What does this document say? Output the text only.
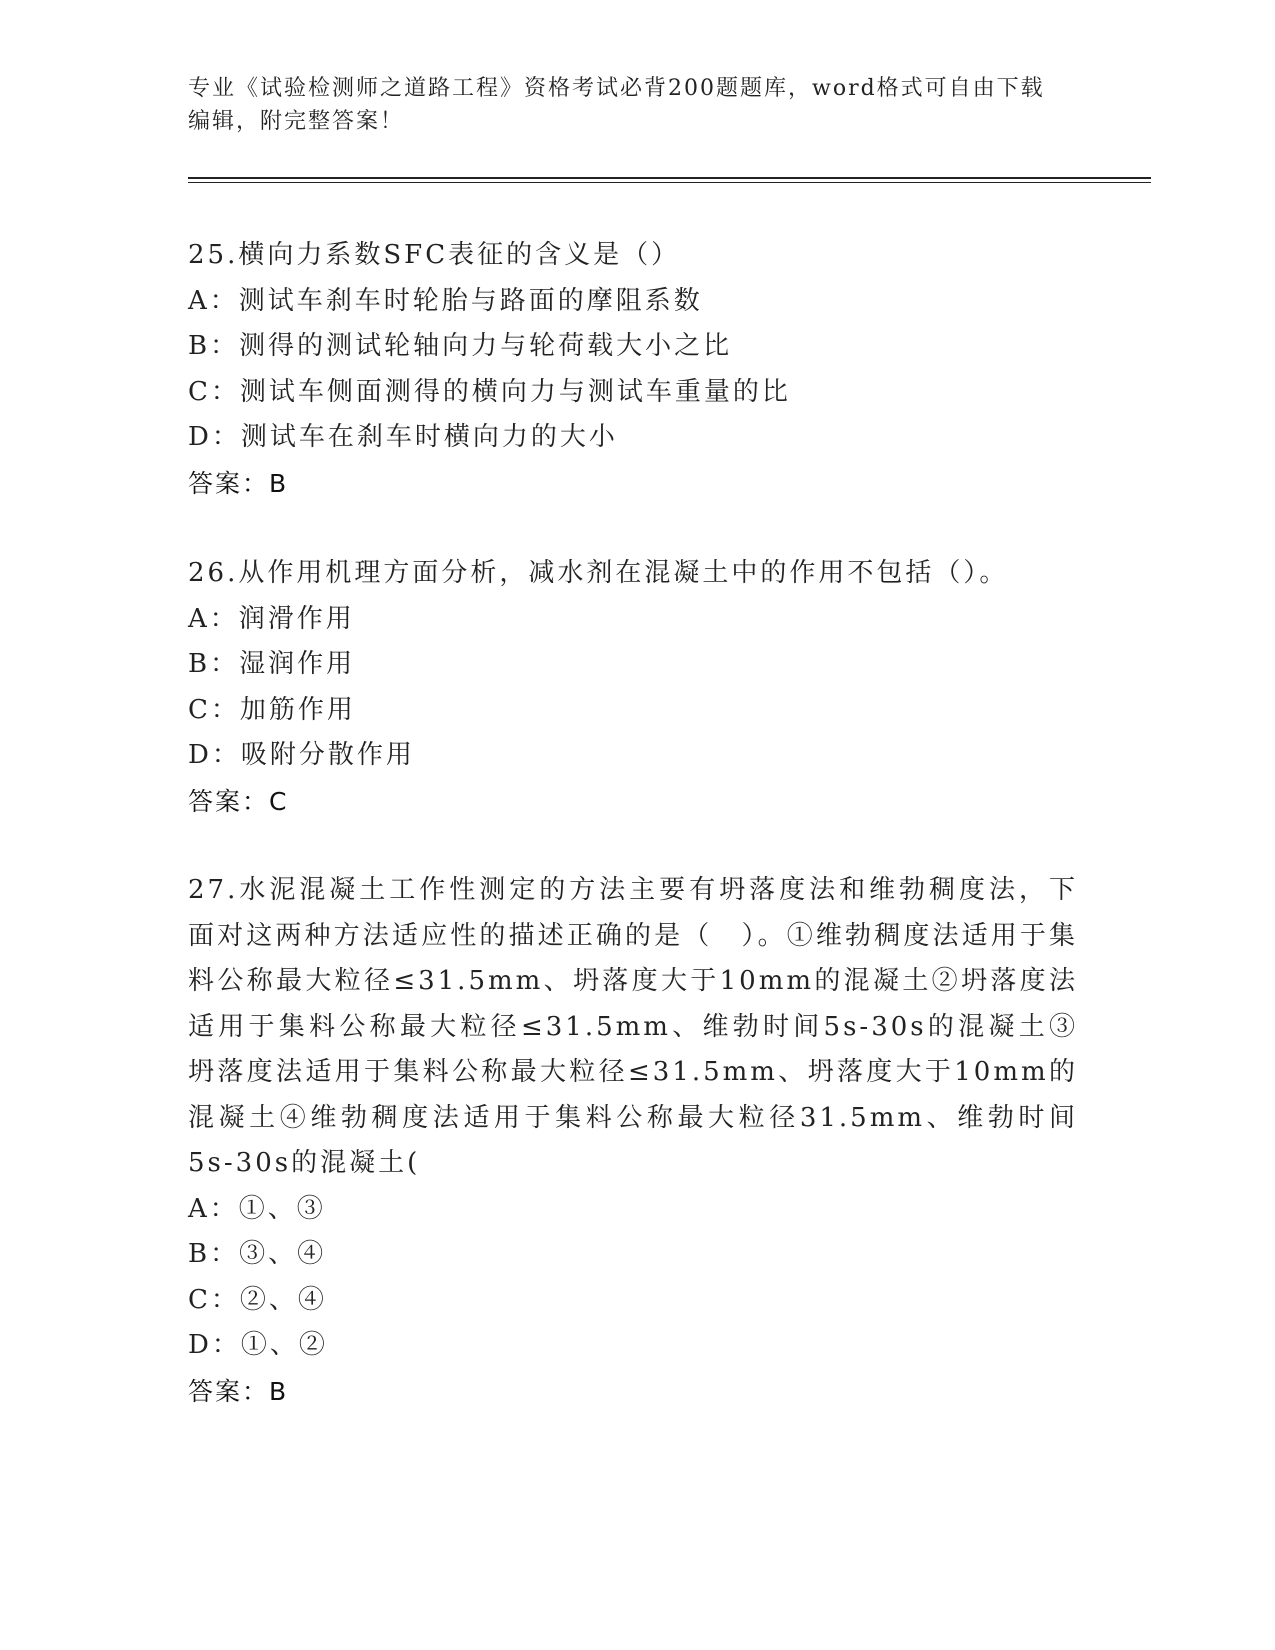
专业《试验检测师之道路工程》资格考试必背200题题库，word格式可自由下载编辑，附完整答案！
25.横向力系数SFC表征的含义是（）
A：测试车刹车时轮胎与路面的摩阻系数
B：测得的测试轮轴向力与轮荷载大小之比
C：测试车侧面测得的横向力与测试车重量的比
D：测试车在刹车时横向力的大小
答案：B
26.从作用机理方面分析，减水剂在混凝土中的作用不包括（）。
A：润滑作用
B：湿润作用
C：加筋作用
D：吸附分散作用
答案：C
27.水泥混凝土工作性测定的方法主要有坍落度法和维勃稠度法，下面对这两种方法适应性的描述正确的是（　）。①维勃稠度法适用于集料公称最大粒径≤31.5mm、坍落度大于10mm的混凝土②坍落度法适用于集料公称最大粒径≤31.5mm、维勃时间5s-30s的混凝土③坍落度法适用于集料公称最大粒径≤31.5mm、坍落度大于10mm的混凝土④维勃稠度法适用于集料公称最大粒径31.5mm、维勃时间5s-30s的混凝土(
A：①、③
B：③、④
C：②、④
D：①、②
答案：B
